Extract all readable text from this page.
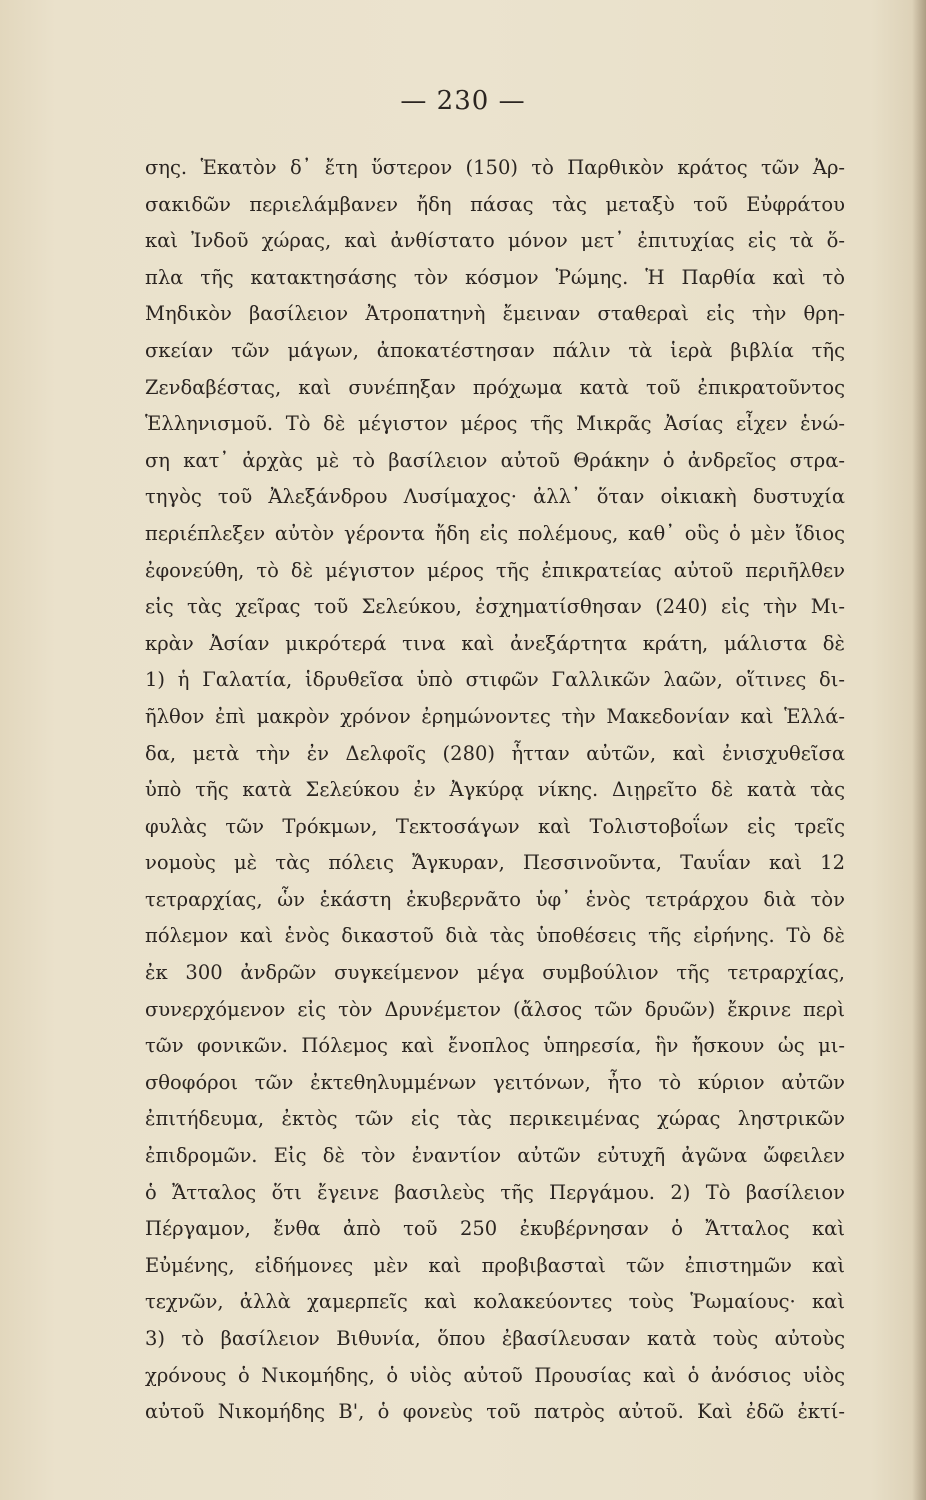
— 230 —
σης. Ἑκατὸν δ᾽ ἔτη ὕστερον (150) τὸ Παρθικὸν κράτος τῶν Ἀρ-
σακιδῶν περιελάμβανεν ἤδη πάσας τὰς μεταξὺ τοῦ Εὐφράτου
καὶ Ἰνδοῦ χώρας, καὶ ἀνθίστατο μόνον μετ᾽ ἐπιτυχίας εἰς τὰ ὅ-
πλα τῆς κατακτησάσης τὸν κόσμον Ῥώμης. Ἡ Παρθία καὶ τὸ
Μηδικὸν βασίλειον Ἀτροπατηνὴ ἔμειναν σταθεραὶ εἰς τὴν θρη-
σκείαν τῶν μάγων, ἀποκατέστησαν πάλιν τὰ ἱερὰ βιβλία τῆς
Ζενδαβέστας, καὶ συνέπηξαν πρόχωμα κατὰ τοῦ ἐπικρατοῦντος
Ἑλληνισμοῦ. Τὸ δὲ μέγιστον μέρος τῆς Μικρᾶς Ἀσίας εἶχεν ἑνώ-
ση κατ᾽ ἀρχὰς μὲ τὸ βασίλειον αὐτοῦ Θράκην ὁ ἀνδρεῖος στρα-
τηγὸς τοῦ Ἀλεξάνδρου Λυσίμαχος· ἀλλ᾽ ὅταν οἰκιακὴ δυστυχία
περιέπλεξεν αὐτὸν γέροντα ἤδη εἰς πολέμους, καθ᾽ οὓς ὁ μὲν ἴδιος
ἐφονεύθη, τὸ δὲ μέγιστον μέρος τῆς ἐπικρατείας αὐτοῦ περιῆλθεν
εἰς τὰς χεῖρας τοῦ Σελεύκου, ἐσχηματίσθησαν (240) εἰς τὴν Μι-
κρὰν Ἀσίαν μικρότερά τινα καὶ ἀνεξάρτητα κράτη, μάλιστα δὲ
1) ἡ Γαλατία, ἱδρυθεῖσα ὑπὸ στιφῶν Γαλλικῶν λαῶν, οἵτινες δι-
ῆλθον ἐπὶ μακρὸν χρόνον ἐρημώνοντες τὴν Μακεδονίαν καὶ Ἑλλά-
δα, μετὰ τὴν ἐν Δελφοῖς (280) ἧτταν αὐτῶν, καὶ ἐνισχυθεῖσα
ὑπὸ τῆς κατὰ Σελεύκου ἐν Ἀγκύρᾳ νίκης. Διῃρεῖτο δὲ κατὰ τὰς
φυλὰς τῶν Τρόκμων, Τεκτοσάγων καὶ Τολιστοβοΐων εἰς τρεῖς
νομοὺς μὲ τὰς πόλεις Ἄγκυραν, Πεσσινοῦντα, Ταυΐαν καὶ 12
τετραρχίας, ὧν ἑκάστη ἐκυβερνᾶτο ὑφ᾽ ἑνὸς τετράρχου διὰ τὸν
πόλεμον καὶ ἑνὸς δικαστοῦ διὰ τὰς ὑποθέσεις τῆς εἰρήνης. Τὸ δὲ
ἐκ 300 ἀνδρῶν συγκείμενον μέγα συμβούλιον τῆς τετραρχίας,
συνερχόμενον εἰς τὸν Δρυνέμετον (ἄλσος τῶν δρυῶν) ἔκρινε περὶ
τῶν φονικῶν. Πόλεμος καὶ ἔνοπλος ὑπηρεσία, ἣν ἤσκουν ὡς μι-
σθοφόροι τῶν ἐκτεθηλυμμένων γειτόνων, ἦτο τὸ κύριον αὐτῶν
ἐπιτήδευμα, ἐκτὸς τῶν εἰς τὰς περικειμένας χώρας ληστρικῶν
ἐπιδρομῶν. Εἰς δὲ τὸν ἐναντίον αὐτῶν εὐτυχῆ ἀγῶνα ὤφειλεν
ὁ Ἄτταλος ὅτι ἔγεινε βασιλεὺς τῆς Περγάμου. 2) Τὸ βασίλειον
Πέργαμον, ἔνθα ἀπὸ τοῦ 250 ἐκυβέρνησαν ὁ Ἄτταλος καὶ
Εὐμένης, εἰδήμονες μὲν καὶ προβιβασταὶ τῶν ἐπιστημῶν καὶ
τεχνῶν, ἀλλὰ χαμερπεῖς καὶ κολακεύοντες τοὺς Ῥωμαίους· καὶ
3) τὸ βασίλειον Βιθυνία, ὅπου ἐβασίλευσαν κατὰ τοὺς αὐτοὺς
χρόνους ὁ Νικομήδης, ὁ υἱὸς αὐτοῦ Προυσίας καὶ ὁ ἀνόσιος υἱὸς
αὐτοῦ Νικομήδης Β', ὁ φονεὺς τοῦ πατρὸς αὐτοῦ. Καὶ ἐδῶ ἐκτί-
